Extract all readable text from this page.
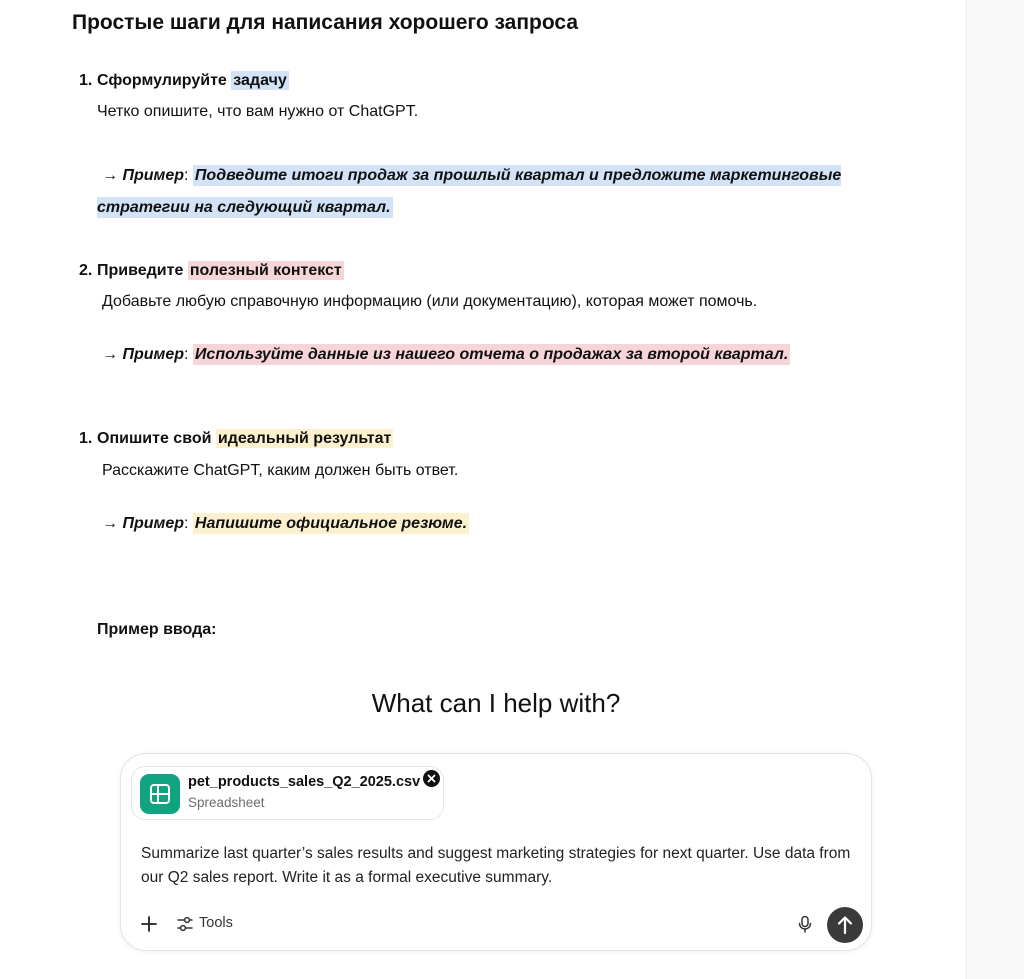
Простые шаги для написания хорошего запроса
1. Сформулируйте задачу
Четко опишите, что вам нужно от ChatGPT.
→ Пример: Подведите итоги продаж за прошлый квартал и предложите маркетинговые стратегии на следующий квартал.
2. Приведите полезный контекст
Добавьте любую справочную информацию (или документацию), которая может помочь.
→ Пример: Используйте данные из нашего отчета о продажах за второй квартал.
1. Опишите свой идеальный результат
Расскажите ChatGPT, каким должен быть ответ.
→ Пример: Напишите официальное резюме.
Пример ввода:
What can I help with?
pet_products_sales_Q2_2025.csv
Spreadsheet
Summarize last quarter’s sales results and suggest marketing strategies for next quarter. Use data from our Q2 sales report. Write it as a formal executive summary.
Tools
